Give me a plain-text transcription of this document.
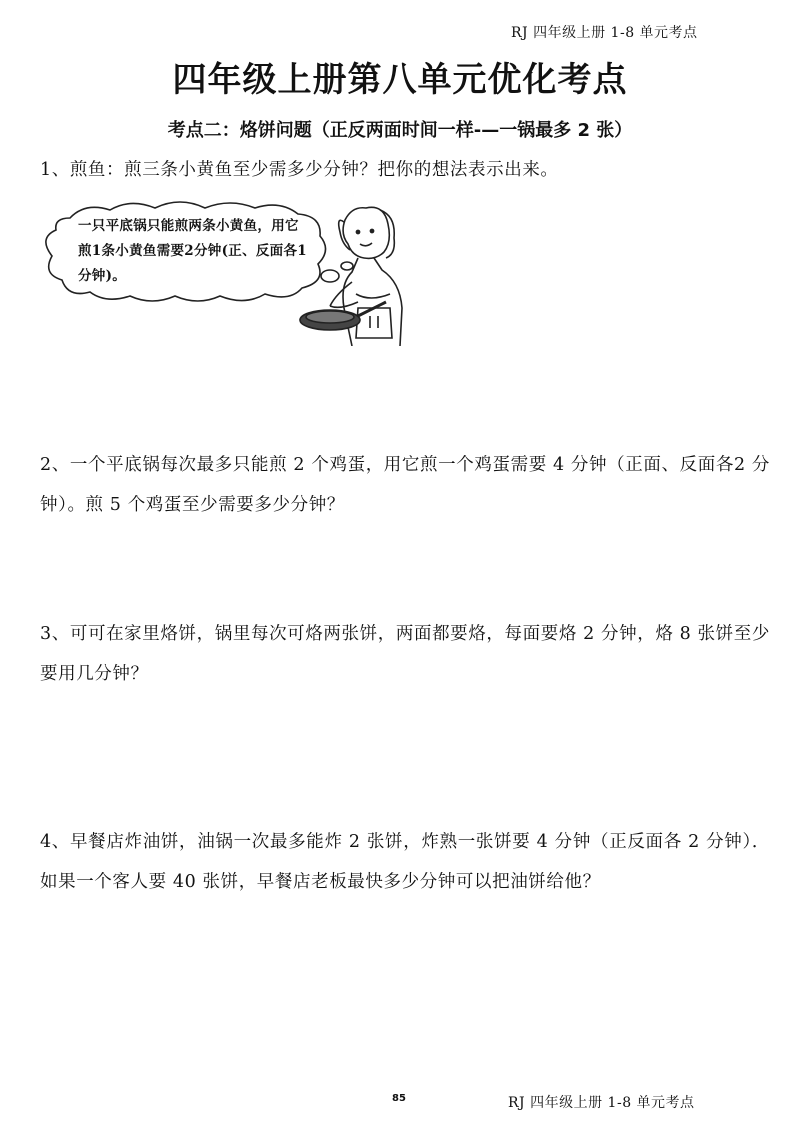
RJ 四年级上册 1-8 单元考点
四年级上册第八单元优化考点
考点二：烙饼问题（正反两面时间一样-—一锅最多 2 张）
1、煎鱼：煎三条小黄鱼至少需多少分钟？把你的想法表示出来。
一只平底锅只能煎两条小黄鱼，用它煎1条小黄鱼需要2分钟(正、反面各1分钟)。
2、一个平底锅每次最多只能煎 2 个鸡蛋，用它煎一个鸡蛋需要 4 分钟（正面、反面各2 分钟）。煎 5 个鸡蛋至少需要多少分钟？
3、可可在家里烙饼，锅里每次可烙两张饼，两面都要烙，每面要烙 2 分钟，烙 8 张饼至少要用几分钟？
4、早餐店炸油饼，油锅一次最多能炸 2 张饼，炸熟一张饼要 4 分钟（正反面各 2 分钟）．如果一个客人要 40 张饼，早餐店老板最快多少分钟可以把油饼给他？
85	RJ 四年级上册 1-8 单元考点
